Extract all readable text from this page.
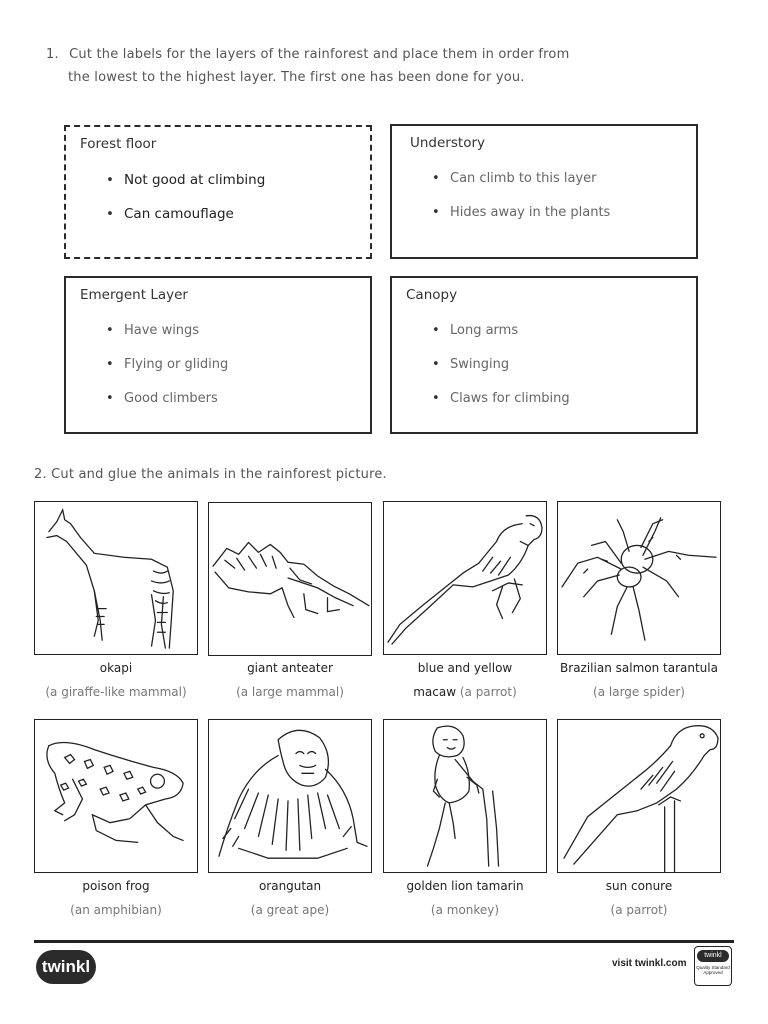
1. Cut the labels for the layers of the rainforest and place them in order from
the lowest to the highest layer. The first one has been done for you.
Forest floor
• Not good at climbing
• Can camouflage
Understory
• Can climb to this layer
• Hides away in the plants
Emergent Layer
• Have wings
• Flying or gliding
• Good climbers
Canopy
• Long arms
• Swinging
• Claws for climbing
2. Cut and glue the animals in the rainforest picture.
okapi
(a giraffe-like mammal)
giant anteater
(a large mammal)
blue and yellow
macaw (a parrot)
Brazilian salmon tarantula
(a large spider)
poison frog
(an amphibian)
orangutan
(a great ape)
golden lion tamarin
(a monkey)
sun conure
(a parrot)
twinkl	visit twinkl.com
twinkl
Quality Standard Approved
